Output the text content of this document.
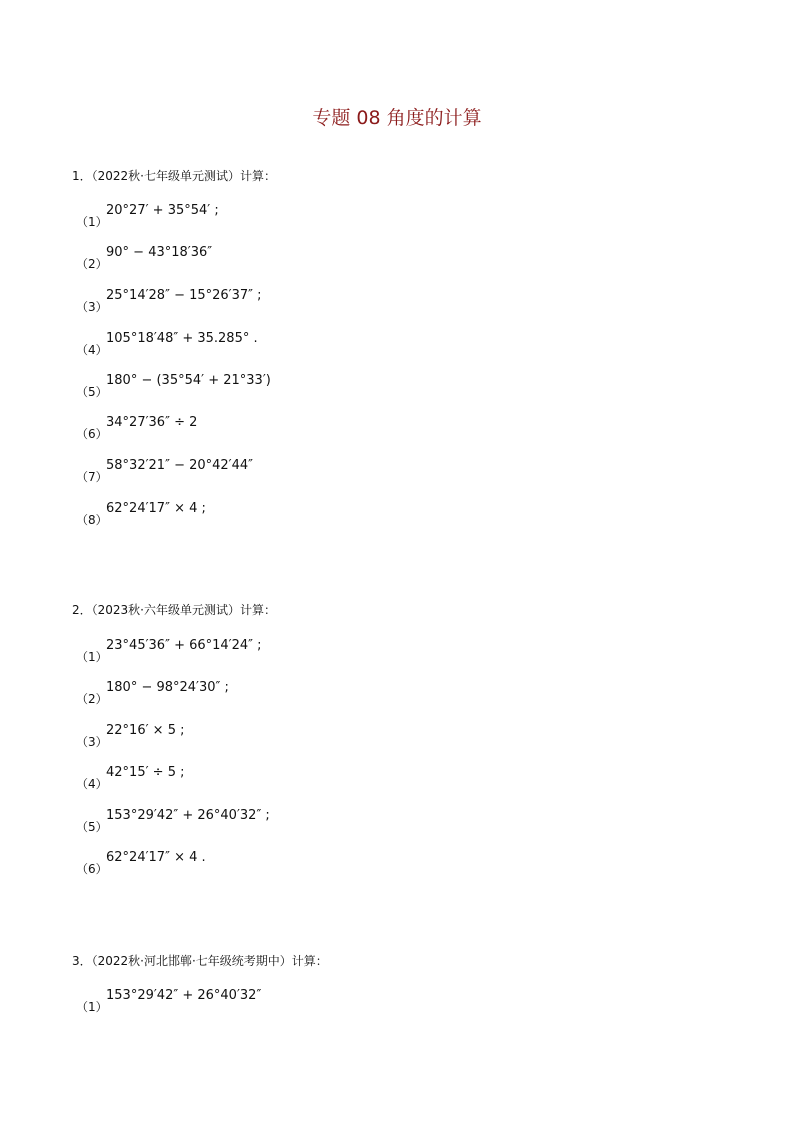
专题 08 角度的计算
1．（2022秋·七年级单元测试）计算：
（1）
20°27′ + 35°54′ ;
（2）
90° − 43°18′36″
（3）
25°14′28″ − 15°26′37″ ;
（4）
105°18′48″ + 35.285° .
（5）
180° − (35°54′ + 21°33′)
（6）
34°27′36″ ÷ 2
（7）
58°32′21″ − 20°42′44″
（8）
62°24′17″ × 4 ;
2．（2023秋·六年级单元测试）计算：
（1）
23°45′36″ + 66°14′24″ ;
（2）
180° − 98°24′30″ ;
（3）
22°16′ × 5 ;
（4）
42°15′ ÷ 5 ;
（5）
153°29′42″ + 26°40′32″ ;
（6）
62°24′17″ × 4 .
3．（2022秋·河北邯郸·七年级统考期中）计算：
（1）
153°29′42″ + 26°40′32″
